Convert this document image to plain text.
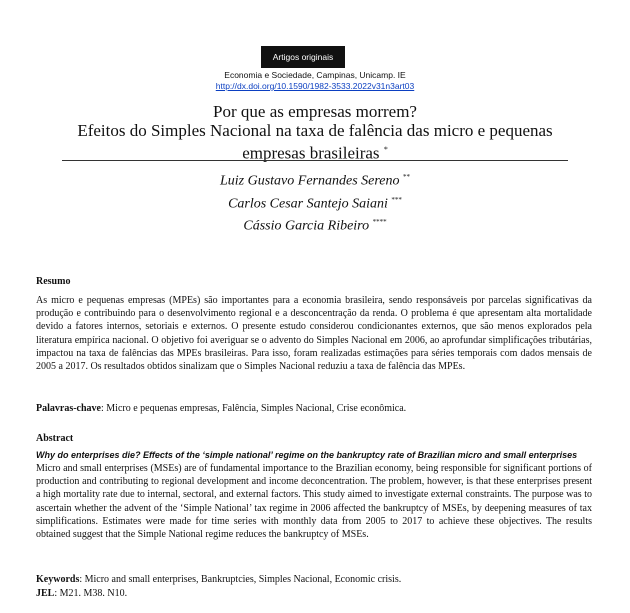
Artigos originais
Economia e Sociedade, Campinas, Unicamp. IE
http://dx.doi.org/10.1590/1982-3533.2022v31n3art03
Por que as empresas morrem?
Efeitos do Simples Nacional na taxa de falência das micro e pequenas
empresas brasileiras *
Luiz Gustavo Fernandes Sereno **
Carlos Cesar Santejo Saiani ***
Cássio Garcia Ribeiro ****
Resumo
As micro e pequenas empresas (MPEs) são importantes para a economia brasileira, sendo responsáveis por parcelas significativas da produção e contribuindo para o desenvolvimento regional e a desconcentração da renda. O problema é que apresentam alta mortalidade devido a fatores internos, setoriais e externos. O presente estudo considerou condicionantes externos, que são menos explorados pela literatura empírica nacional. O objetivo foi averiguar se o advento do Simples Nacional em 2006, ao aprofundar simplificações tributárias, impactou na taxa de falências das MPEs brasileiras. Para isso, foram realizadas estimações para séries temporais com dados mensais de 2005 a 2017. Os resultados obtidos sinalizam que o Simples Nacional reduziu a taxa de falência das MPEs.
Palavras-chave: Micro e pequenas empresas, Falência, Simples Nacional, Crise econômica.
Abstract
Why do enterprises die? Effects of the ‘simple national’ regime on the bankruptcy rate of Brazilian micro and small enterprises
Micro and small enterprises (MSEs) are of fundamental importance to the Brazilian economy, being responsible for significant portions of production and contributing to regional development and income deconcentration. The problem, however, is that these enterprises present a high mortality rate due to internal, sectoral, and external factors. This study aimed to investigate external constraints. The purpose was to ascertain whether the advent of the ‘Simple National’ tax regime in 2006 affected the bankruptcy of MSEs, by deepening measures of tax simplifications. Estimates were made for time series with monthly data from 2005 to 2017 to achieve these objectives. The results obtained suggest that the Simple National regime reduces the bankruptcy of MSEs.
Keywords: Micro and small enterprises, Bankruptcies, Simples Nacional, Economic crisis.
JEL: M21. M38. N10.
